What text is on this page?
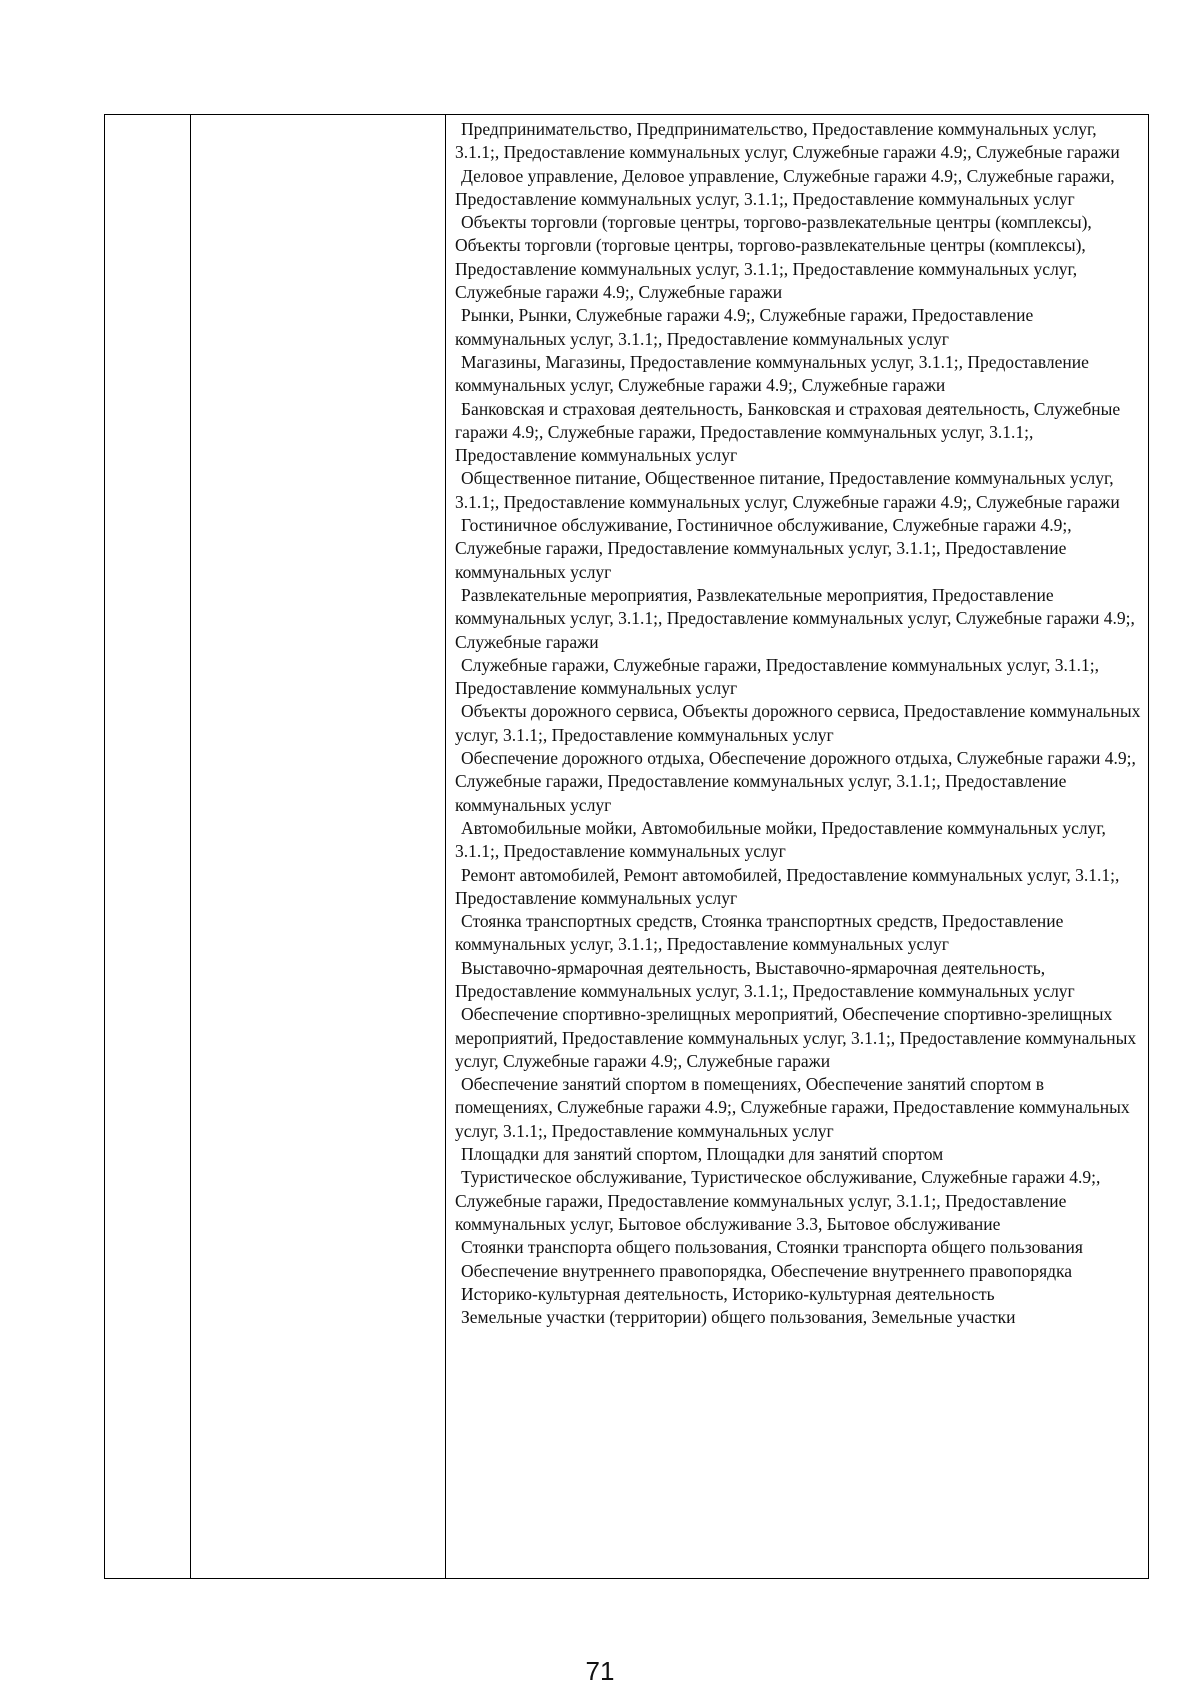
Предпринимательство, Предпринимательство, Предоставление коммунальных услуг, 3.1.1;, Предоставление коммунальных услуг, Служебные гаражи 4.9;, Служебные гаражи

Деловое управление, Деловое управление, Служебные гаражи 4.9;, Служебные гаражи, Предоставление коммунальных услуг, 3.1.1;, Предоставление коммунальных услуг

Объекты торговли (торговые центры, торгово-развлекательные центры (комплексы), Объекты торговли (торговые центры, торгово-развлекательные центры (комплексы), Предоставление коммунальных услуг, 3.1.1;, Предоставление коммунальных услуг, Служебные гаражи 4.9;, Служебные гаражи

Рынки, Рынки, Служебные гаражи 4.9;, Служебные гаражи, Предоставление коммунальных услуг, 3.1.1;, Предоставление коммунальных услуг

Магазины, Магазины, Предоставление коммунальных услуг, 3.1.1;, Предоставление коммунальных услуг, Служебные гаражи 4.9;, Служебные гаражи

Банковская и страховая деятельность, Банковская и страховая деятельность, Служебные гаражи 4.9;, Служебные гаражи, Предоставление коммунальных услуг, 3.1.1;, Предоставление коммунальных услуг

Общественное питание, Общественное питание, Предоставление коммунальных услуг, 3.1.1;, Предоставление коммунальных услуг, Служебные гаражи 4.9;, Служебные гаражи

Гостиничное обслуживание, Гостиничное обслуживание, Служебные гаражи 4.9;, Служебные гаражи, Предоставление коммунальных услуг, 3.1.1;, Предоставление коммунальных услуг

Развлекательные мероприятия, Развлекательные мероприятия, Предоставление коммунальных услуг, 3.1.1;, Предоставление коммунальных услуг, Служебные гаражи 4.9;, Служебные гаражи

Служебные гаражи, Служебные гаражи, Предоставление коммунальных услуг, 3.1.1;, Предоставление коммунальных услуг

Объекты дорожного сервиса, Объекты дорожного сервиса, Предоставление коммунальных услуг, 3.1.1;, Предоставление коммунальных услуг

Обеспечение дорожного отдыха, Обеспечение дорожного отдыха, Служебные гаражи 4.9;, Служебные гаражи, Предоставление коммунальных услуг, 3.1.1;, Предоставление коммунальных услуг

Автомобильные мойки, Автомобильные мойки, Предоставление коммунальных услуг, 3.1.1;, Предоставление коммунальных услуг

Ремонт автомобилей, Ремонт автомобилей, Предоставление коммунальных услуг, 3.1.1;, Предоставление коммунальных услуг

Стоянка транспортных средств, Стоянка транспортных средств, Предоставление коммунальных услуг, 3.1.1;, Предоставление коммунальных услуг

Выставочно-ярмарочная деятельность, Выставочно-ярмарочная деятельность, Предоставление коммунальных услуг, 3.1.1;, Предоставление коммунальных услуг

Обеспечение спортивно-зрелищных мероприятий, Обеспечение спортивно-зрелищных мероприятий, Предоставление коммунальных услуг, 3.1.1;, Предоставление коммунальных услуг, Служебные гаражи 4.9;, Служебные гаражи

Обеспечение занятий спортом в помещениях, Обеспечение занятий спортом в помещениях, Служебные гаражи 4.9;, Служебные гаражи, Предоставление коммунальных услуг, 3.1.1;, Предоставление коммунальных услуг

Площадки для занятий спортом, Площадки для занятий спортом

Туристическое обслуживание, Туристическое обслуживание, Служебные гаражи 4.9;, Служебные гаражи, Предоставление коммунальных услуг, 3.1.1;, Предоставление коммунальных услуг, Бытовое обслуживание 3.3, Бытовое обслуживание

Стоянки транспорта общего пользования, Стоянки транспорта общего пользования

Обеспечение внутреннего правопорядка, Обеспечение внутреннего правопорядка

Историко-культурная деятельность, Историко-культурная деятельность

Земельные участки (территории) общего пользования, Земельные участки

71
